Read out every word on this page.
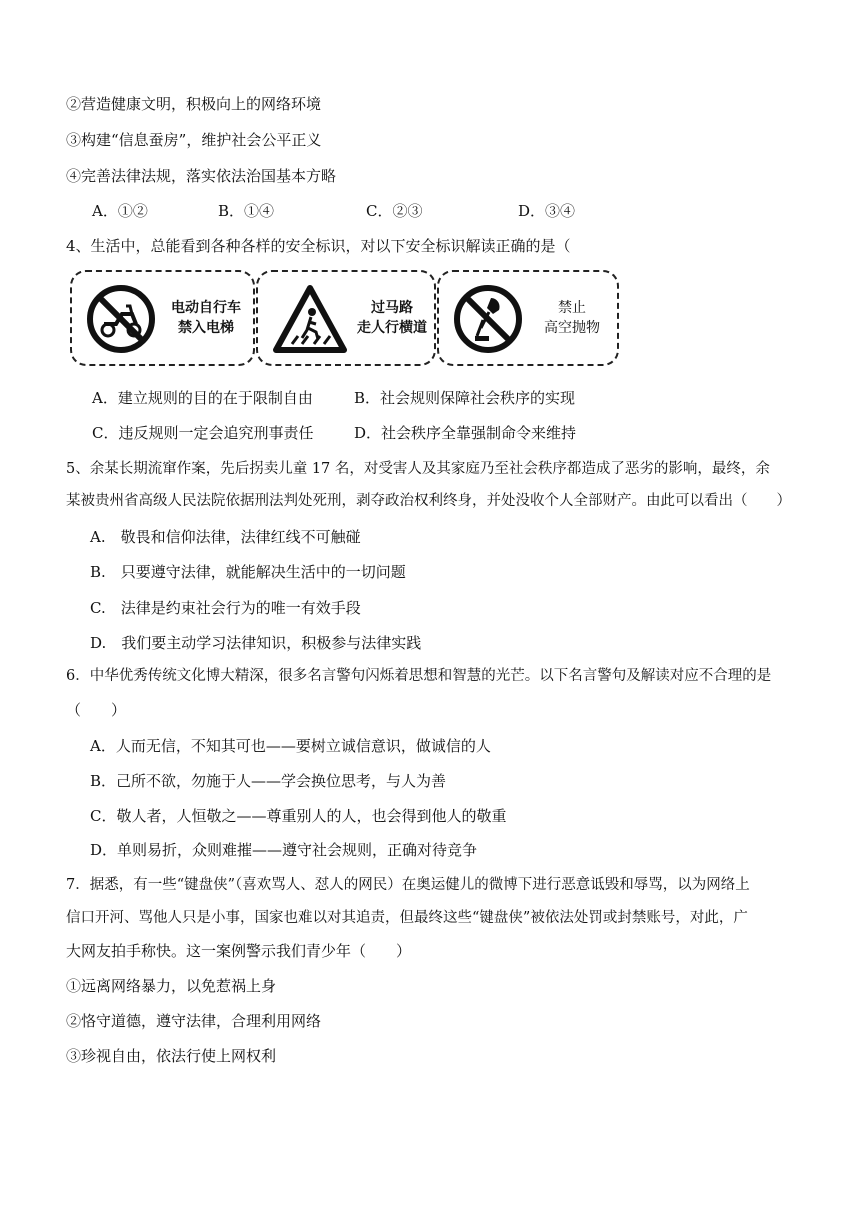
②营造健康文明，积极向上的网络环境
③构建“信息蚕房”，维护社会公平正义
④完善法律法规，落实依法治国基本方略
A．①②	B．①④	C．②③	D．③④
4、生活中，总能看到各种各样的安全标识，对以下安全标识解读正确的是（
电动自行车
禁入电梯
过马路
走人行横道
禁止
高空抛物
A．建立规则的目的在于限制自由	B．社会规则保障社会秩序的实现
C．违反规则一定会追究刑事责任	D．社会秩序全靠强制命令来维持
5、余某长期流窜作案，先后拐卖儿童 17 名，对受害人及其家庭乃至社会秩序都造成了恶劣的影响，最终，余
某被贵州省高级人民法院依据刑法判处死刑，剥夺政治权利终身，并处没收个人全部财产。由此可以看出（　　）
A.　敬畏和信仰法律，法律红线不可触碰
B.　只要遵守法律，就能解决生活中的一切问题
C.　法律是约束社会行为的唯一有效手段
D.　我们要主动学习法律知识，积极参与法律实践
6．中华优秀传统文化博大精深，很多名言警句闪烁着思想和智慧的光芒。以下名言警句及解读对应不合理的是
（　　）
A．人而无信，不知其可也——要树立诚信意识，做诚信的人
B．己所不欲，勿施于人——学会换位思考，与人为善
C．敬人者，人恒敬之——尊重别人的人，也会得到他人的敬重
D．单则易折，众则难摧——遵守社会规则，正确对待竞争
7．据悉，有一些“键盘侠”（喜欢骂人、怼人的网民）在奥运健儿的微博下进行恶意诋毁和辱骂，以为网络上
信口开河、骂他人只是小事，国家也难以对其追责，但最终这些“键盘侠”被依法处罚或封禁账号，对此，广
大网友拍手称快。这一案例警示我们青少年（　　）
①远离网络暴力，以免惹祸上身
②恪守道德，遵守法律，合理利用网络
③珍视自由，依法行使上网权利
